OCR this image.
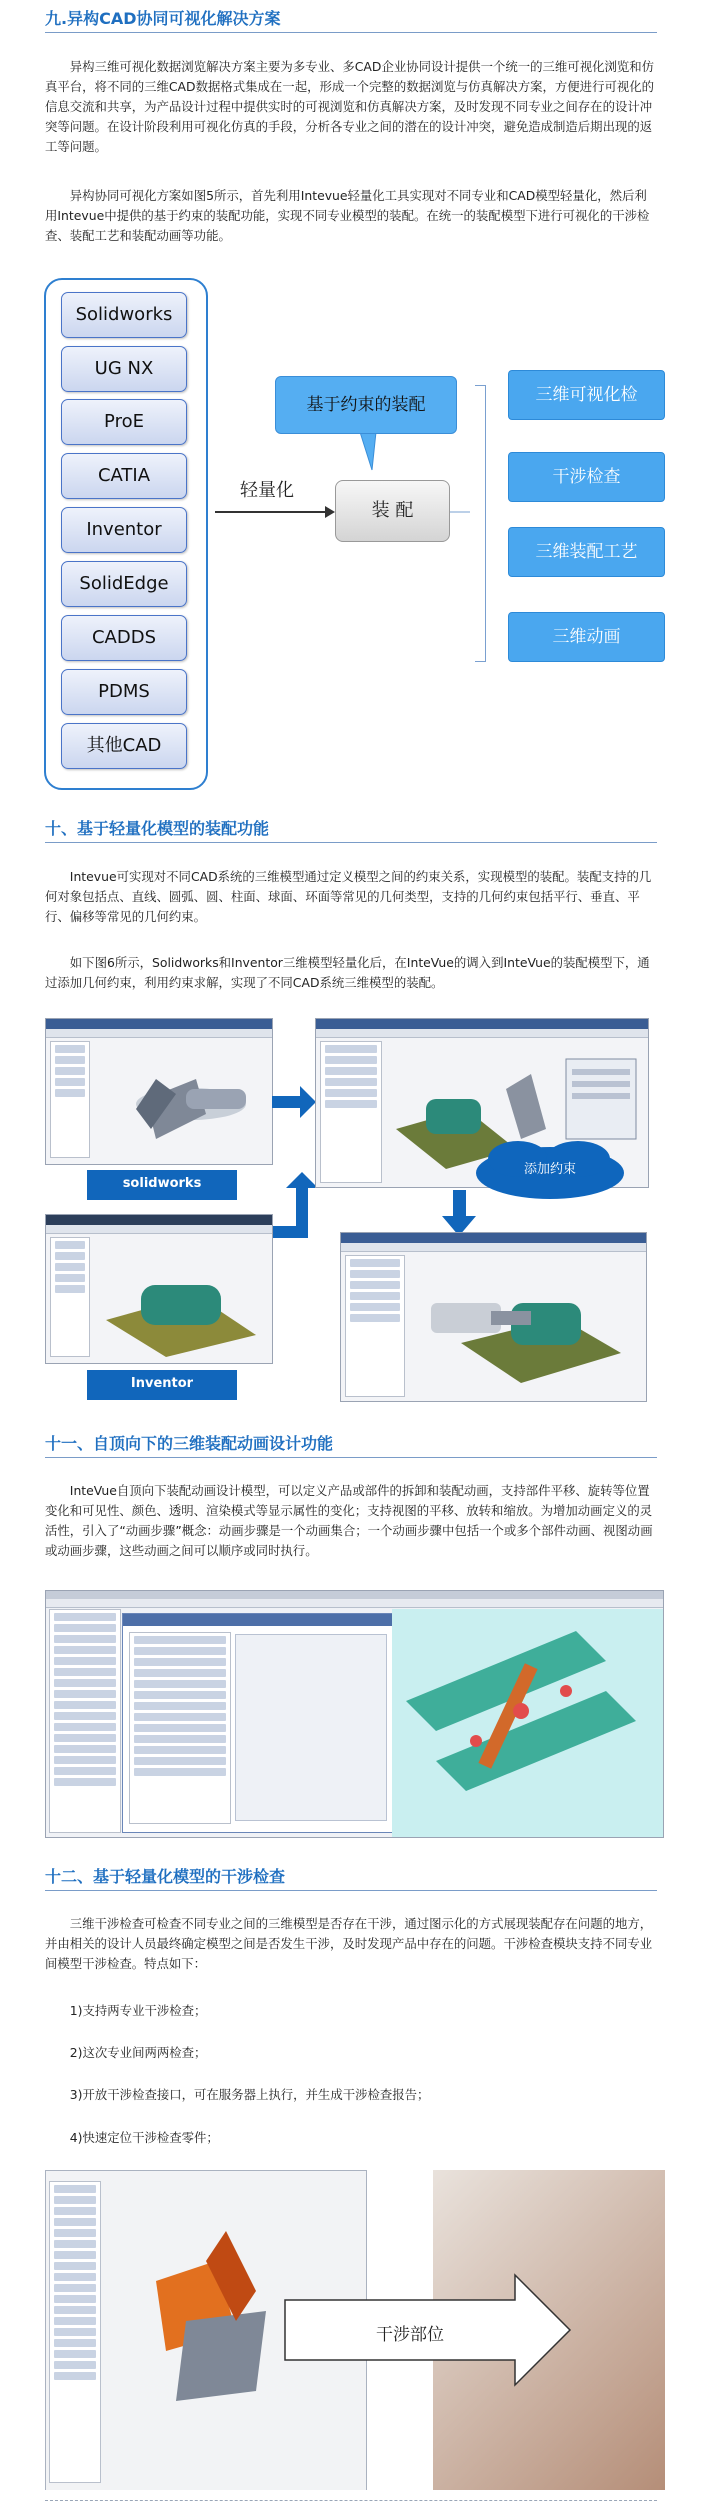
九.异构CAD协同可视化解决方案

异构三维可视化数据浏览解决方案主要为多专业、多CAD企业协同设计提供一个统一的三维可视化浏览和仿真平台，将不同的三维CAD数据格式集成在一起，形成一个完整的数据浏览与仿真解决方案，方便进行可视化的信息交流和共享，为产品设计过程中提供实时的可视浏览和仿真解决方案，及时发现不同专业之间存在的设计冲突等问题。在设计阶段利用可视化仿真的手段，分析各专业之间的潜在的设计冲突，避免造成制造后期出现的返工等问题。

异构协同可视化方案如图5所示，首先利用Intevue轻量化工具实现对不同专业和CAD模型轻量化，然后利用Intevue中提供的基于约束的装配功能，实现不同专业模型的装配。在统一的装配模型下进行可视化的干涉检查、装配工艺和装配动画等功能。

Solidworks
UG NX
ProE
CATIA
Inventor
SolidEdge
CADDS
PDMS
其他CAD
轻量化
基于约束的装配
装 配
三维可视化检
干涉检查
三维装配工艺
三维动画
十、基于轻量化模型的装配功能

Intevue可实现对不同CAD系统的三维模型通过定义模型之间的约束关系，实现模型的装配。装配支持的几何对象包括点、直线、圆弧、圆、柱面、球面、环面等常见的几何类型，支持的几何约束包括平行、垂直、平行、偏移等常见的几何约束。

如下图6所示，Solidworks和Inventor三维模型轻量化后，在InteVue的调入到InteVue的装配模型下，通过添加几何约束，利用约束求解，实现了不同CAD系统三维模型的装配。

solidworks
添加约束
Inventor
十一、自顶向下的三维装配动画设计功能

InteVue自顶向下装配动画设计模型，可以定义产品或部件的拆卸和装配动画，支持部件平移、旋转等位置变化和可见性、颜色、透明、渲染模式等显示属性的变化；支持视图的平移、放转和缩放。为增加动画定义的灵活性，引入了“动画步骤”概念：动画步骤是一个动画集合；一个动画步骤中包括一个或多个部件动画、视图动画或动画步骤，这些动画之间可以顺序或同时执行。

十二、基于轻量化模型的干涉检查

三维干涉检查可检查不同专业之间的三维模型是否存在干涉，通过图示化的方式展现装配存在问题的地方，并由相关的设计人员最终确定模型之间是否发生干涉，及时发现产品中存在的问题。干涉检查模块支持不同专业间模型干涉检查。特点如下：

1)支持两专业干涉检查；
2)这次专业间两两检查；
3)开放干涉检查接口，可在服务器上执行，并生成干涉检查报告；
4)快速定位干涉检查零件；
干涉部位
